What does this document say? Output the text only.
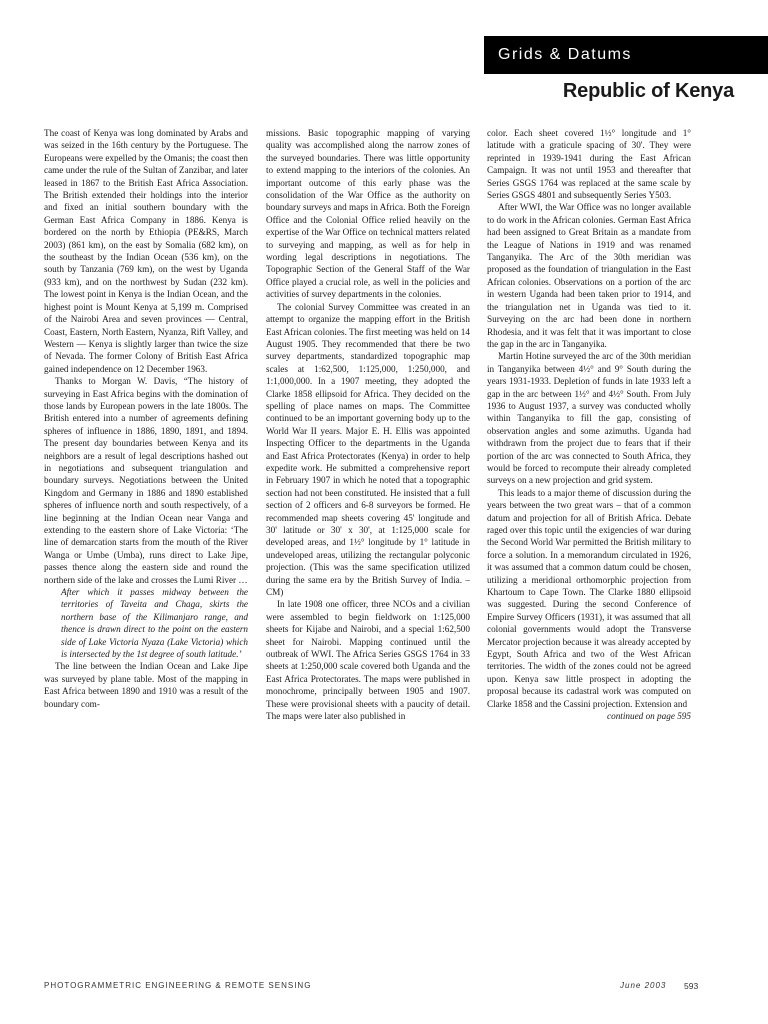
Grids & Datums
Republic of Kenya

The coast of Kenya was long dominated by Arabs and was seized in the 16th century by the Portuguese. The Europeans were expelled by the Omanis; the coast then came under the rule of the Sultan of Zanzibar, and later leased in 1867 to the British East Africa Association. The British extended their holdings into the interior and fixed an initial southern boundary with the German East Africa Company in 1886. Kenya is bordered on the north by Ethiopia (PE&RS, March 2003) (861 km), on the east by Somalia (682 km), on the southeast by the Indian Ocean (536 km), on the south by Tanzania (769 km), on the west by Uganda (933 km), and on the northwest by Sudan (232 km). The lowest point in Kenya is the Indian Ocean, and the highest point is Mount Kenya at 5,199 m. Comprised of the Nairobi Area and seven provinces — Central, Coast, Eastern, North Eastern, Nyanza, Rift Valley, and Western — Kenya is slightly larger than twice the size of Nevada. The former Colony of British East Africa gained independence on 12 December 1963.

Thanks to Morgan W. Davis, “The history of surveying in East Africa begins with the domination of those lands by European powers in the late 1800s. The British entered into a number of agreements defining spheres of influence in 1886, 1890, 1891, and 1894. The present day boundaries between Kenya and its neighbors are a result of legal descriptions hashed out in negotiations and subsequent triangulation and boundary surveys. Negotiations between the United Kingdom and Germany in 1886 and 1890 established spheres of influence north and south respectively, of a line beginning at the Indian Ocean near Vanga and extending to the eastern shore of Lake Victoria: ‘The line of demarcation starts from the mouth of the River Wanga or Umbe (Umba), runs direct to Lake Jipe, passes thence along the eastern side and round the northern side of the lake and crosses the Lumi River …

After which it passes midway between the territories of Taveita and Chaga, skirts the northern base of the Kilimanjaro range, and thence is drawn direct to the point on the eastern side of Lake Victoria Nyaza (Lake Victoria) which is intersected by the 1st degree of south latitude.’

The line between the Indian Ocean and Lake Jipe was surveyed by plane table. Most of the mapping in East Africa between 1890 and 1910 was a result of the boundary com-

missions. Basic topographic mapping of varying quality was accomplished along the narrow zones of the surveyed boundaries. There was little opportunity to extend mapping to the interiors of the colonies. An important outcome of this early phase was the consolidation of the War Office as the authority on boundary surveys and maps in Africa. Both the Foreign Office and the Colonial Office relied heavily on the expertise of the War Office on technical matters related to surveying and mapping, as well as for help in wording legal descriptions in negotiations. The Topographic Section of the General Staff of the War Office played a crucial role, as well in the policies and activities of survey departments in the colonies.

The colonial Survey Committee was created in an attempt to organize the mapping effort in the British East African colonies. The first meeting was held on 14 August 1905. They recommended that there be two survey departments, standardized topographic map scales at 1:62,500, 1:125,000, 1:250,000, and 1:1,000,000. In a 1907 meeting, they adopted the Clarke 1858 ellipsoid for Africa. They decided on the spelling of place names on maps. The Committee continued to be an important governing body up to the World War II years. Major E. H. Ellis was appointed Inspecting Officer to the departments in the Uganda and East Africa Protectorates (Kenya) in order to help expedite work. He submitted a comprehensive report in February 1907 in which he noted that a topographic section had not been constituted. He insisted that a full section of 2 officers and 6-8 surveyors be formed. He recommended map sheets covering 45' longitude and 30' latitude or 30' x 30', at 1:125,000 scale for developed areas, and 1½° longitude by 1° latitude in undeveloped areas, utilizing the rectangular polyconic projection. (This was the same specification utilized during the same era by the British Survey of India. – CM)

In late 1908 one officer, three NCOs and a civilian were assembled to begin fieldwork on 1:125,000 sheets for Kijabe and Nairobi, and a special 1:62,500 sheet for Nairobi. Mapping continued until the outbreak of WWI. The Africa Series GSGS 1764 in 33 sheets at 1:250,000 scale covered both Uganda and the East Africa Protectorates. The maps were published in monochrome, principally between 1905 and 1907. These were provisional sheets with a paucity of detail. The maps were later also published in

color. Each sheet covered 1½° longitude and 1° latitude with a graticule spacing of 30'. They were reprinted in 1939-1941 during the East African Campaign. It was not until 1953 and thereafter that Series GSGS 1764 was replaced at the same scale by Series GSGS 4801 and subsequently Series Y503.

After WWI, the War Office was no longer available to do work in the African colonies. German East Africa had been assigned to Great Britain as a mandate from the League of Nations in 1919 and was renamed Tanganyika. The Arc of the 30th meridian was proposed as the foundation of triangulation in the East African colonies. Observations on a portion of the arc in western Uganda had been taken prior to 1914, and the triangulation net in Uganda was tied to it. Surveying on the arc had been done in northern Rhodesia, and it was felt that it was important to close the gap in the arc in Tanganyika.

Martin Hotine surveyed the arc of the 30th meridian in Tanganyika between 4½° and 9° South during the years 1931-1933. Depletion of funds in late 1933 left a gap in the arc between 1½° and 4½° South. From July 1936 to August 1937, a survey was conducted wholly within Tanganyika to fill the gap, consisting of observation angles and some azimuths. Uganda had withdrawn from the project due to fears that if their portion of the arc was connected to South Africa, they would be forced to recompute their already completed surveys on a new projection and grid system.

This leads to a major theme of discussion during the years between the two great wars – that of a common datum and projection for all of British Africa. Debate raged over this topic until the exigencies of war during the Second World War permitted the British military to force a solution. In a memorandum circulated in 1926, it was assumed that a common datum could be chosen, utilizing a meridional orthomorphic projection from Khartoum to Cape Town. The Clarke 1880 ellipsoid was suggested. During the second Conference of Empire Survey Officers (1931), it was assumed that all colonial governments would adopt the Transverse Mercator projection because it was already accepted by Egypt, South Africa and two of the West African territories. The width of the zones could not be agreed upon. Kenya saw little prospect in adopting the proposal because its cadastral work was computed on Clarke 1858 and the Cassini projection. Extension and

continued on page 595

PHOTOGRAMMETRIC ENGINEERING & REMOTE SENSING	June 2003 593
